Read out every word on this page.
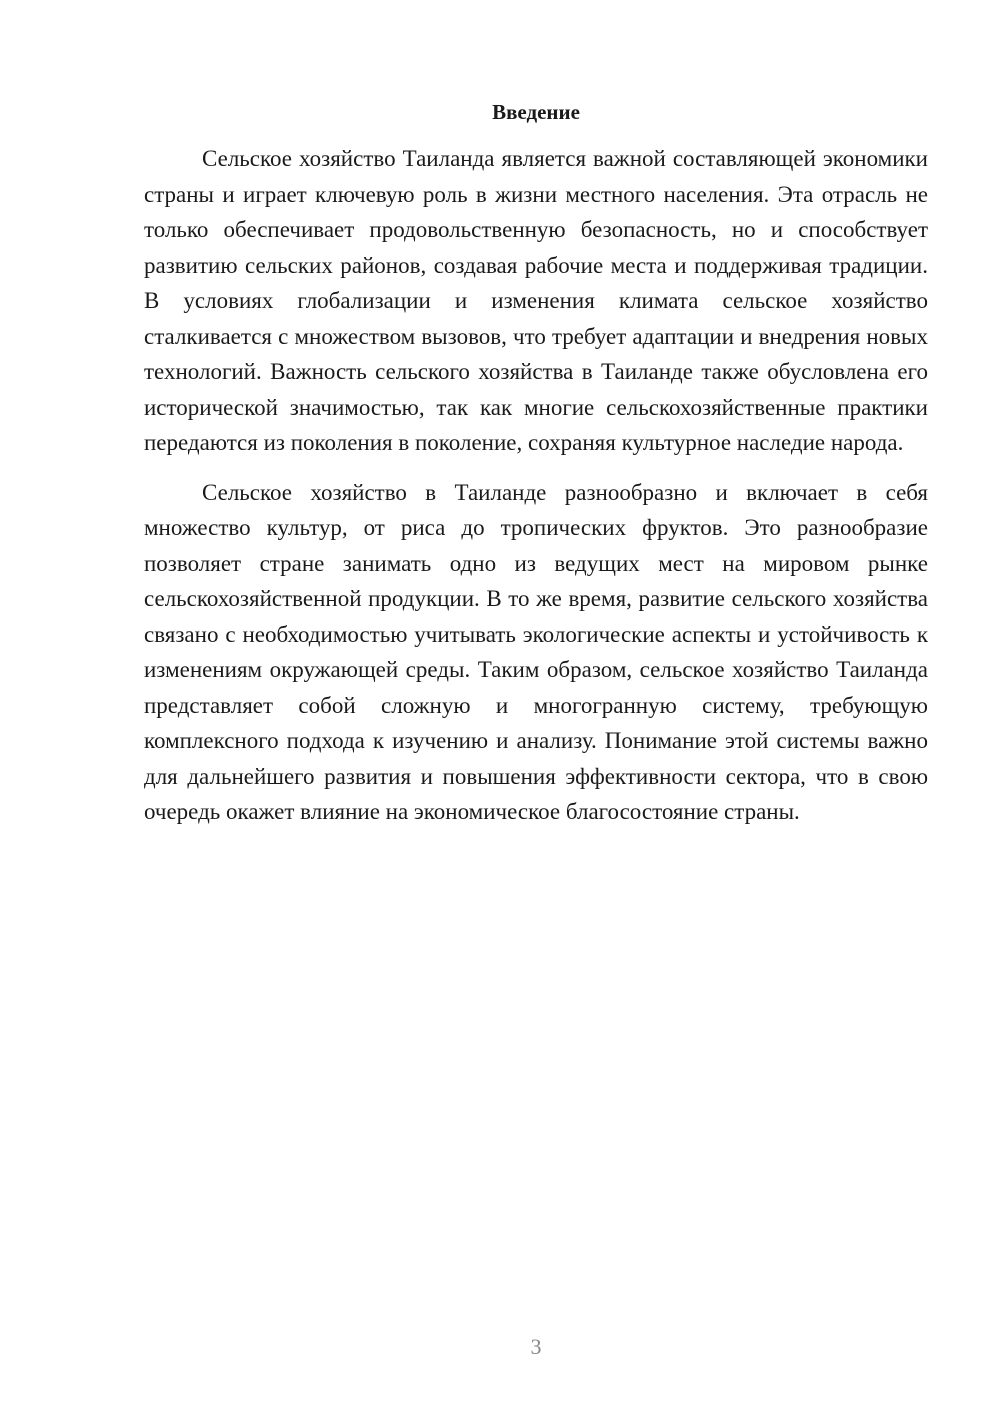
Введение

Сельское хозяйство Таиланда является важной составляющей экономики страны и играет ключевую роль в жизни местного населения. Эта отрасль не только обеспечивает продовольственную безопасность, но и способствует развитию сельских районов, создавая рабочие места и поддерживая традиции. В условиях глобализации и изменения климата сельское хозяйство сталкивается с множеством вызовов, что требует адаптации и внедрения новых технологий. Важность сельского хозяйства в Таиланде также обусловлена его исторической значимостью, так как многие сельскохозяйственные практики передаются из поколения в поколение, сохраняя культурное наследие народа.

Сельское хозяйство в Таиланде разнообразно и включает в себя множество культур, от риса до тропических фруктов. Это разнообразие позволяет стране занимать одно из ведущих мест на мировом рынке сельскохозяйственной продукции. В то же время, развитие сельского хозяйства связано с необходимостью учитывать экологические аспекты и устойчивость к изменениям окружающей среды. Таким образом, сельское хозяйство Таиланда представляет собой сложную и многогранную систему, требующую комплексного подхода к изучению и анализу. Понимание этой системы важно для дальнейшего развития и повышения эффективности сектора, что в свою очередь окажет влияние на экономическое благосостояние страны.

3
